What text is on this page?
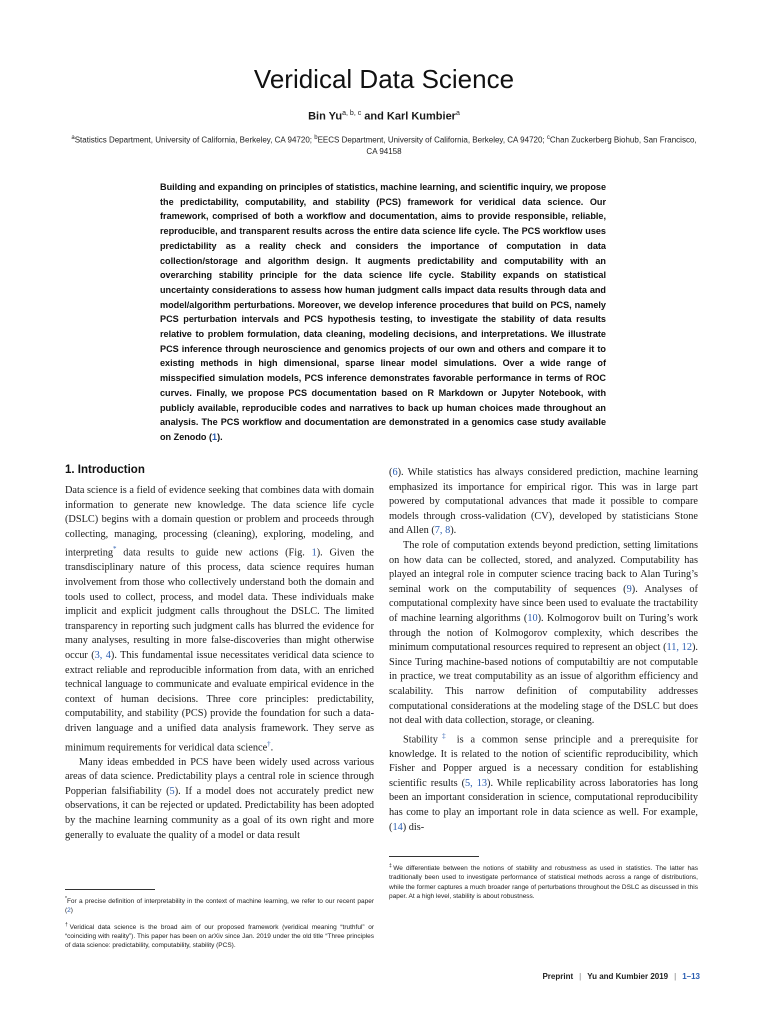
Veridical Data Science
Bin Yu$^{a, b, c}$ and Karl Kumbier$^a$
$^a$Statistics Department, University of California, Berkeley, CA 94720; $^b$EECS Department, University of California, Berkeley, CA 94720; $^c$Chan Zuckerberg Biohub, San Francisco, CA 94158

Building and expanding on principles of statistics, machine learning, and scientific inquiry, we propose the predictability, computability, and stability (PCS) framework for veridical data science. Our framework, comprised of both a workflow and documentation, aims to provide responsible, reliable, reproducible, and transparent results across the entire data science life cycle. The PCS workflow uses predictability as a reality check and considers the importance of computation in data collection/storage and algorithm design. It augments predictability and computability with an overarching stability principle for the data science life cycle. Stability expands on statistical uncertainty considerations to assess how human judgment calls impact data results through data and model/algorithm perturbations. Moreover, we develop inference procedures that build on PCS, namely PCS perturbation intervals and PCS hypothesis testing, to investigate the stability of data results relative to problem formulation, data cleaning, modeling decisions, and interpretations. We illustrate PCS inference through neuroscience and genomics projects of our own and others and compare it to existing methods in high dimensional, sparse linear model simulations. Over a wide range of misspecified simulation models, PCS inference demonstrates favorable performance in terms of ROC curves. Finally, we propose PCS documentation based on R Markdown or Jupyter Notebook, with publicly available, reproducible codes and narratives to back up human choices made throughout an analysis. The PCS workflow and documentation are demonstrated in a genomics case study available on Zenodo (1).

1. Introduction

Data science is a field of evidence seeking that combines data with domain information to generate new knowledge. The data science life cycle (DSLC) begins with a domain question or problem and proceeds through collecting, managing, processing (cleaning), exploring, modeling, and interpreting* data results to guide new actions (Fig. 1). Given the transdisciplinary nature of this process, data science requires human involvement from those who collectively understand both the domain and tools used to collect, process, and model data. These individuals make implicit and explicit judgment calls throughout the DSLC. The limited transparency in reporting such judgment calls has blurred the evidence for many analyses, resulting in more false-discoveries than might otherwise occur (3, 4). This fundamental issue necessitates veridical data science to extract reliable and reproducible information from data, with an enriched technical language to communicate and evaluate empirical evidence in the context of human decisions. Three core principles: predictability, computability, and stability (PCS) provide the foundation for such a data-driven language and a unified data analysis framework. They serve as minimum requirements for veridical data science†.

Many ideas embedded in PCS have been widely used across various areas of data science. Predictability plays a central role in science through Popperian falsifiability (5). If a model does not accurately predict new observations, it can be rejected or updated. Predictability has been adopted by the machine learning community as a goal of its own right and more generally to evaluate the quality of a model or data result

(6). While statistics has always considered prediction, machine learning emphasized its importance for empirical rigor. This was in large part powered by computational advances that made it possible to compare models through cross-validation (CV), developed by statisticians Stone and Allen (7, 8).

The role of computation extends beyond prediction, setting limitations on how data can be collected, stored, and analyzed. Computability has played an integral role in computer science tracing back to Alan Turing’s seminal work on the computability of sequences (9). Analyses of computational complexity have since been used to evaluate the tractability of machine learning algorithms (10). Kolmogorov built on Turing’s work through the notion of Kolmogorov complexity, which describes the minimum computational resources required to represent an object (11, 12). Since Turing machine-based notions of computabiltiy are not computable in practice, we treat computability as an issue of algorithm efficiency and scalability. This narrow definition of computability addresses computational considerations at the modeling stage of the DSLC but does not deal with data collection, storage, or cleaning.

Stability‡ is a common sense principle and a prerequisite for knowledge. It is related to the notion of scientific reproducibility, which Fisher and Popper argued is a necessary condition for establishing scientific results (5, 13). While replicability across laboratories has long been an important consideration in science, computational reproducibility has come to play an important role in data science as well. For example, (14) dis-

*For a precise definition of interpretability in the context of machine learning, we refer to our recent paper (2)

†Veridical data science is the broad aim of our proposed framework (veridical meaning “truthful” or “coinciding with reality”). This paper has been on arXiv since Jan. 2019 under the old title “Three principles of data science: predictability, computability, stability (PCS).

‡We differentiate between the notions of stability and robustness as used in statistics. The latter has traditionally been used to investigate performance of statistical methods across a range of distributions, while the former captures a much broader range of perturbations throughout the DSLC as discussed in this paper. At a high level, stability is about robustness.

Preprint | Yu and Kumbier 2019 | 1–13
